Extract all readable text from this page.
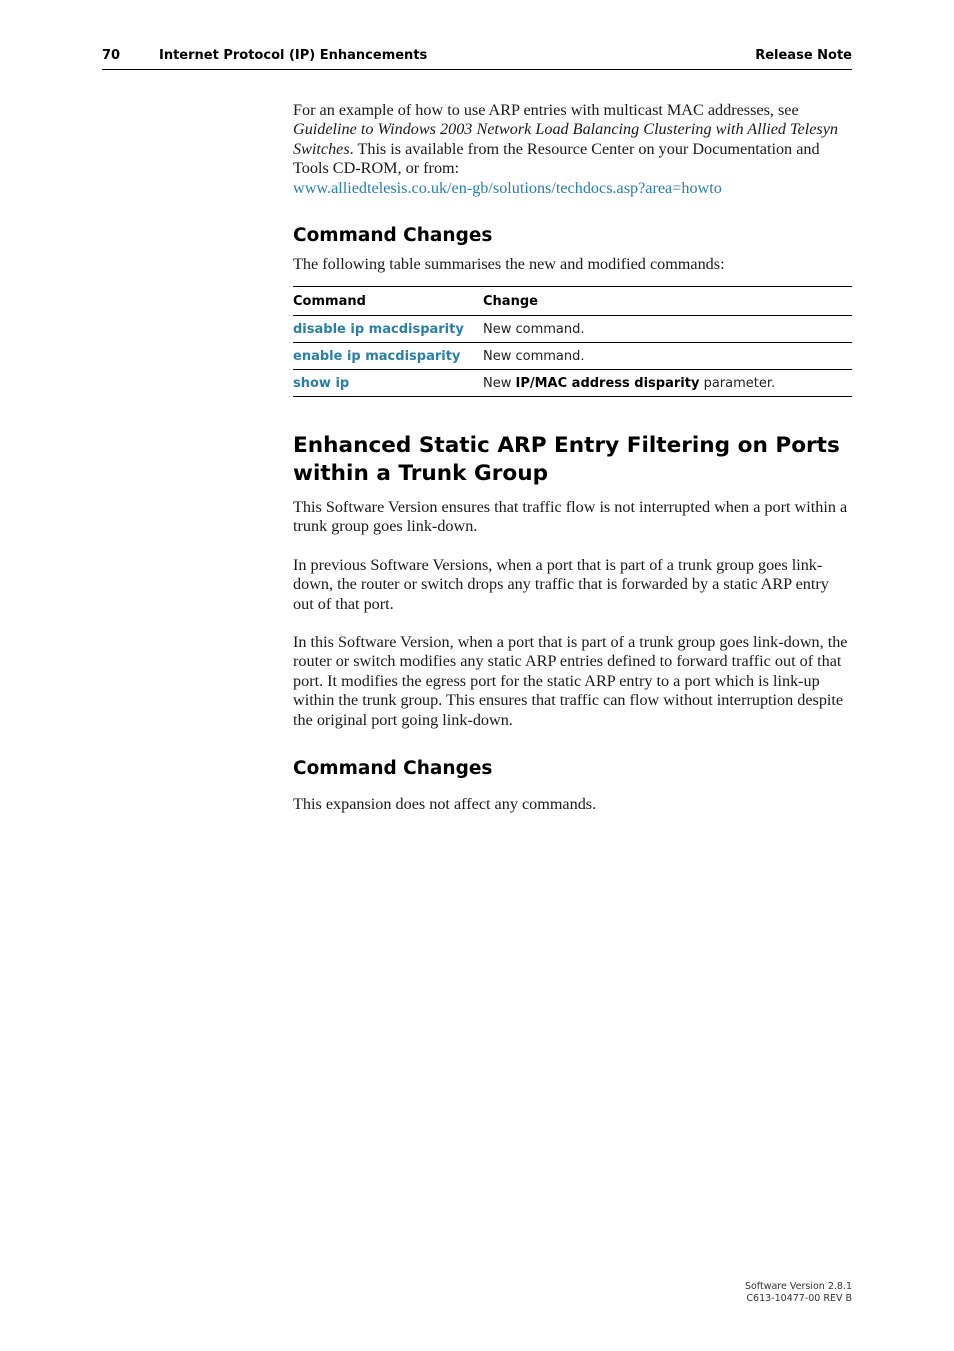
70	Internet Protocol (IP) Enhancements	Release Note

For an example of how to use ARP entries with multicast MAC addresses, see Guideline to Windows 2003 Network Load Balancing Clustering with Allied Telesyn Switches. This is available from the Resource Center on your Documentation and Tools CD-ROM, or from:
www.alliedtelesis.co.uk/en-gb/solutions/techdocs.asp?area=howto

Command Changes

The following table summarises the new and modified commands:

Command	Change
disable ip macdisparity	New command.
enable ip macdisparity	New command.
show ip	New IP/MAC address disparity parameter.
Enhanced Static ARP Entry Filtering on Ports within a Trunk Group

This Software Version ensures that traffic flow is not interrupted when a port within a trunk group goes link-down.

In previous Software Versions, when a port that is part of a trunk group goes link-down, the router or switch drops any traffic that is forwarded by a static ARP entry out of that port.

In this Software Version, when a port that is part of a trunk group goes link-down, the router or switch modifies any static ARP entries defined to forward traffic out of that port. It modifies the egress port for the static ARP entry to a port which is link-up within the trunk group. This ensures that traffic can flow without interruption despite the original port going link-down.

Command Changes

This expansion does not affect any commands.

Software Version 2.8.1
C613-10477-00 REV B
